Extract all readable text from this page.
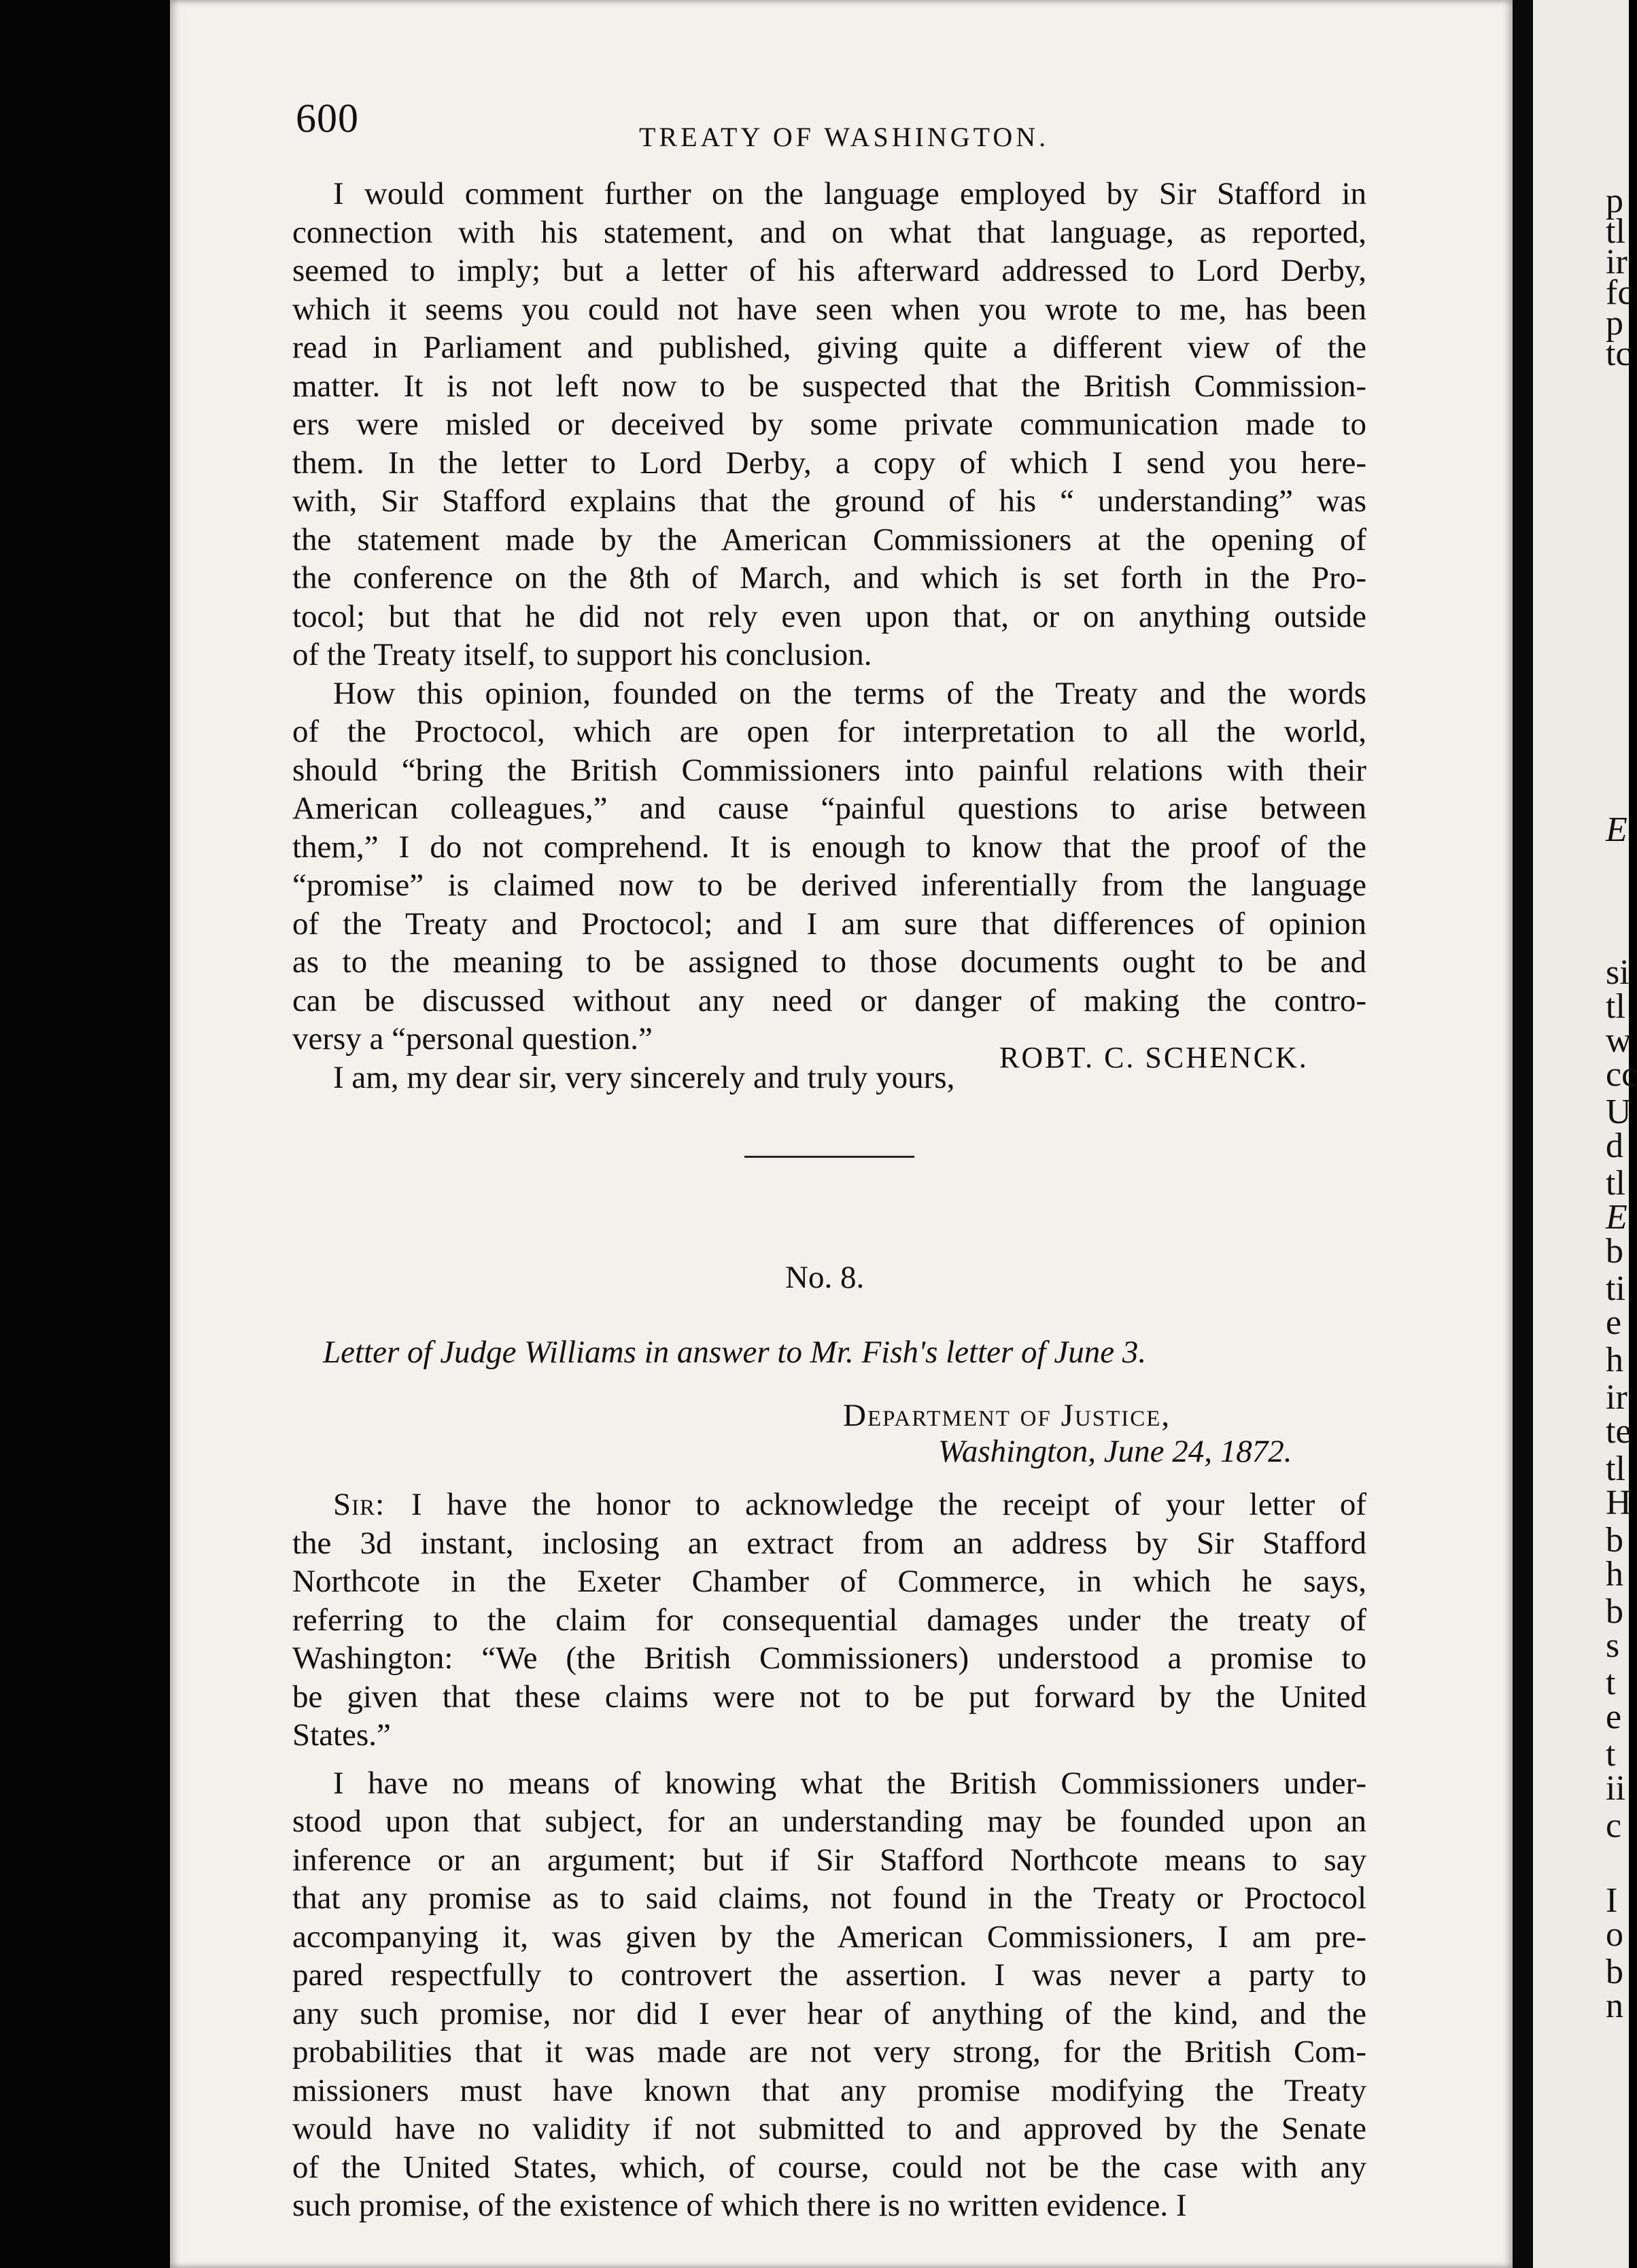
600	TREATY OF WASHINGTON.
I would comment further on the language employed by Sir Stafford in
connection with his statement, and on what that language, as reported,
seemed to imply; but a letter of his afterward addressed to Lord Derby,
which it seems you could not have seen when you wrote to me, has been
read in Parliament and published, giving quite a different view of the
matter. It is not left now to be suspected that the British Commission-
ers were misled or deceived by some private communication made to
them. In the letter to Lord Derby, a copy of which I send you here-
with, Sir Stafford explains that the ground of his “ understanding” was
the statement made by the American Commissioners at the opening of
the conference on the 8th of March, and which is set forth in the Pro-
tocol; but that he did not rely even upon that, or on anything outside
of the Treaty itself, to support his conclusion.
How this opinion, founded on the terms of the Treaty and the words
of the Proctocol, which are open for interpretation to all the world,
should “bring the British Commissioners into painful relations with their
American colleagues,” and cause “painful questions to arise between
them,” I do not comprehend. It is enough to know that the proof of the
“promise” is claimed now to be derived inferentially from the language
of the Treaty and Proctocol; and I am sure that differences of opinion
as to the meaning to be assigned to those documents ought to be and
can be discussed without any need or danger of making the contro-
versy a “personal question.”
I am, my dear sir, very sincerely and truly yours,
ROBT. C. SCHENCK.
No. 8.
Letter of Judge Williams in answer to Mr. Fish's letter of June 3.
Department of Justice,
Washington, June 24, 1872.
Sir: I have the honor to acknowledge the receipt of your letter of
the 3d instant, inclosing an extract from an address by Sir Stafford
Northcote in the Exeter Chamber of Commerce, in which he says,
referring to the claim for consequential damages under the treaty of
Washington: “We (the British Commissioners) understood a promise to
be given that these claims were not to be put forward by the United
States.”
I have no means of knowing what the British Commissioners under-
stood upon that subject, for an understanding may be founded upon an
inference or an argument; but if Sir Stafford Northcote means to say
that any promise as to said claims, not found in the Treaty or Proctocol
accompanying it, was given by the American Commissioners, I am pre-
pared respectfully to controvert the assertion. I was never a party to
any such promise, nor did I ever hear of anything of the kind, and the
probabilities that it was made are not very strong, for the British Com-
missioners must have known that any promise modifying the Treaty
would have no validity if not submitted to and approved by the Senate
of the United States, which, of course, could not be the case with any
such promise, of the existence of which there is no written evidence. I
p
tl
ir
fc
p
tc
E
si
tl
w
cc
U
d
tl
E
b
ti
e
h
ir
te
tl
H
b
h
b
s
t
e
t
ii
c
I
o
b
n
